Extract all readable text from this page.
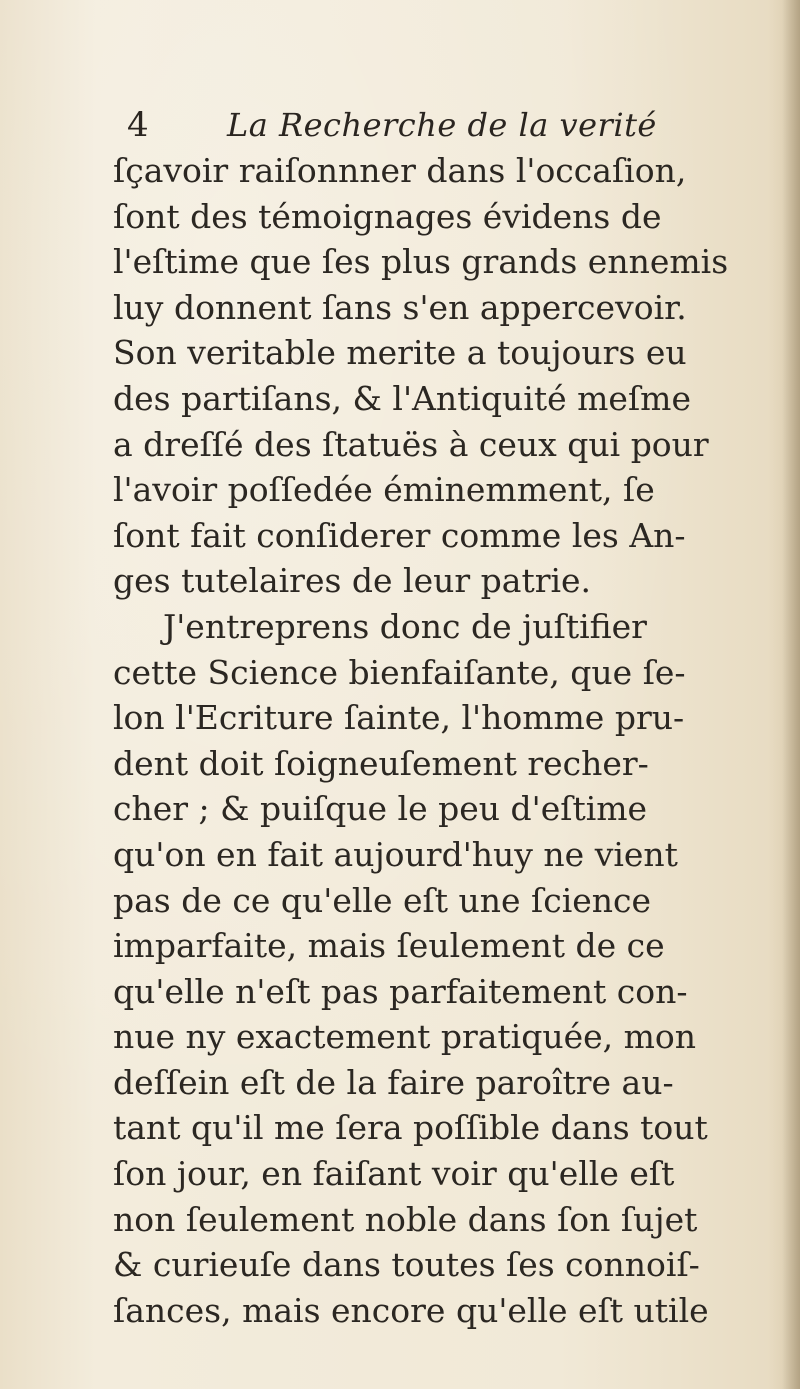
4 La Recherche de la verité
ſçavoir raiſonnner dans l'occaſion,
ſont des témoignages évidens de
l'eſtime que ſes plus grands ennemis
luy donnent ſans s'en appercevoir.
Son veritable merite a toujours eu
des partiſans, & l'Antiquité meſme
a dreſſé des ſtatuës à ceux qui pour
l'avoir poſſedée éminemment, ſe
ſont fait conſiderer comme les An-
ges tutelaires de leur patrie.
J'entreprens donc de juſtifier
cette Science bienfaiſante, que ſe-
lon l'Ecriture ſainte, l'homme pru-
dent doit ſoigneuſement recher-
cher ; & puiſque le peu d'eſtime
qu'on en fait aujourd'huy ne vient
pas de ce qu'elle eſt une ſcience
imparfaite, mais ſeulement de ce
qu'elle n'eſt pas parfaitement con-
nue ny exactement pratiquée, mon
deſſein eſt de la faire paroître au-
tant qu'il me ſera poſſible dans tout
ſon jour, en faiſant voir qu'elle eſt
non ſeulement noble dans ſon ſujet
& curieuſe dans toutes ſes connoiſ-
ſances, mais encore qu'elle eſt utile
